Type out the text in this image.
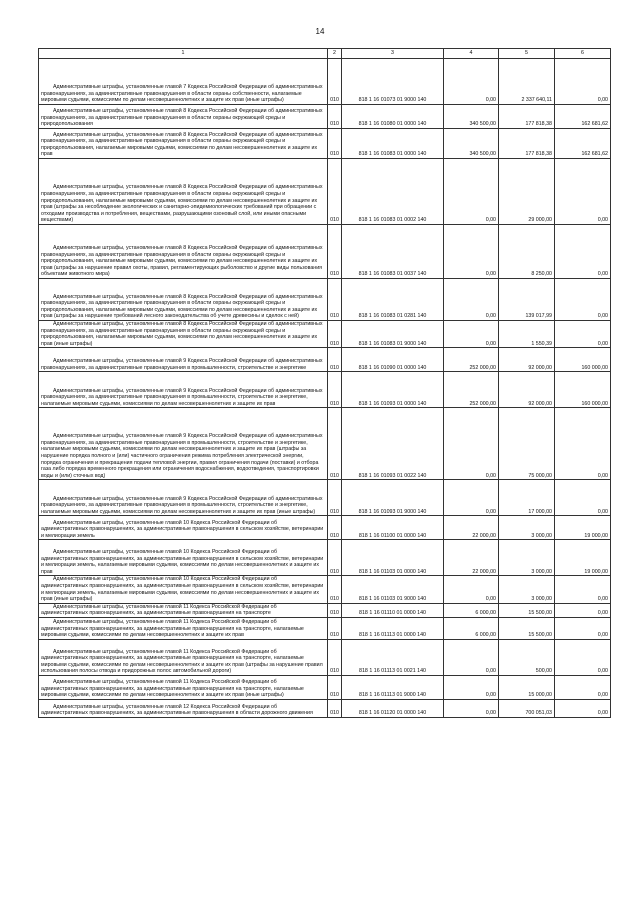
14
1	2	3	4	5	6

Административные штрафы, установленные главой 7 Кодекса Российской Федерации об административных правонарушениях, за административные правонарушения в области охраны собственности, налагаемые мировыми судьями, комиссиями по делам несовершеннолетних и защите их прав (иные штрафы)	010	818 1 16 01073 01 9000 140	0,00	2 337 640,11	0,00

Административные штрафы, установленные главой 8 Кодекса Российской Федерации об административных правонарушениях, за административные правонарушения в области охраны окружающей среды и природопользования	010	818 1 16 01080 01 0000 140	340 500,00	177 818,38	162 681,62

Административные штрафы, установленные главой 8 Кодекса Российской Федерации об административных правонарушениях, за административные правонарушения в области охраны окружающей среды и природопользования, налагаемые мировыми судьями, комиссиями по делам несовершеннолетних и защите их прав	010	818 1 16 01083 01 0000 140	340 500,00	177 818,38	162 681,62

Административные штрафы, установленные главой 8 Кодекса Российской Федерации об административных правонарушениях, за административные правонарушения в области охраны окружающей среды и природопользования, налагаемые мировыми судьями, комиссиями по делам несовершеннолетних и защите их прав (штрафы за несоблюдение экологических и санитарно-эпидемиологических требований при обращении с отходами производства и потребления, веществами, разрушающими озоновый слой, или иными опасными веществами)	010	818 1 16 01083 01 0002 140	0,00	29 000,00	0,00

Административные штрафы, установленные главой 8 Кодекса Российской Федерации об административных правонарушениях, за административные правонарушения в области охраны окружающей среды и природопользования, налагаемые мировыми судьями, комиссиями по делам несовершеннолетних и защите их прав (штрафы за нарушение правил охоты, правил, регламентирующих рыболовство и другие виды пользования объектами животного мира)	010	818 1 16 01083 01 0037 140	0,00	8 250,00	0,00

Административные штрафы, установленные главой 8 Кодекса Российской Федерации об административных правонарушениях, за административные правонарушения в области охраны окружающей среды и природопользования, налагаемые мировыми судьями, комиссиями по делам несовершеннолетних и защите их прав (штрафы за нарушение требований лесного законодательства об учете древесины и сделок с ней)	010	818 1 16 01083 01 0281 140	0,00	139 017,99	0,00

Административные штрафы, установленные главой 8 Кодекса Российской Федерации об административных правонарушениях, за административные правонарушения в области охраны окружающей среды и природопользования, налагаемые мировыми судьями, комиссиями по делам несовершеннолетних и защите их прав (иные штрафы)	010	818 1 16 01083 01 9000 140	0,00	1 550,39	0,00

Административные штрафы, установленные главой 9 Кодекса Российской Федерации об административных правонарушениях, за административные правонарушения в промышленности, строительстве и энергетике	010	818 1 16 01090 01 0000 140	252 000,00	92 000,00	160 000,00

Административные штрафы, установленные главой 9 Кодекса Российской Федерации об административных правонарушениях, за административные правонарушения в промышленности, строительстве и энергетике, налагаемые мировыми судьями, комиссиями по делам несовершеннолетних и защите их прав	010	818 1 16 01093 01 0000 140	252 000,00	92 000,00	160 000,00

Административные штрафы, установленные главой 9 Кодекса Российской Федерации об административных правонарушениях, за административные правонарушения в промышленности, строительстве и энергетике, налагаемые мировыми судьями, комиссиями по делам несовершеннолетних и защите их прав (штрафы за нарушение порядка полного и (или) частичного ограничения режима потребления электрической энергии, порядка ограничения и прекращения подачи тепловой энергии, правил ограничения подачи (поставки) и отбора газа либо порядка временного прекращения или ограничения водоснабжения, водоотведения, транспортировки воды и (или) сточных вод)	010	818 1 16 01093 01 0022 140	0,00	75 000,00	0,00

Административные штрафы, установленные главой 9 Кодекса Российской Федерации об административных правонарушениях, за административные правонарушения в промышленности, строительстве и энергетике, налагаемые мировыми судьями, комиссиями по делам несовершеннолетних и защите их прав (иные штрафы)	010	818 1 16 01093 01 9000 140	0,00	17 000,00	0,00

Административные штрафы, установленные главой 10 Кодекса Российской Федерации об административных правонарушениях, за административные правонарушения в сельском хозяйстве, ветеринарии и мелиорации земель	010	818 1 16 01100 01 0000 140	22 000,00	3 000,00	19 000,00

Административные штрафы, установленные главой 10 Кодекса Российской Федерации об административных правонарушениях, за административные правонарушения в сельском хозяйстве, ветеринарии и мелиорации земель, налагаемые мировыми судьями, комиссиями по делам несовершеннолетних и защите их прав	010	818 1 16 01103 01 0000 140	22 000,00	3 000,00	19 000,00

Административные штрафы, установленные главой 10 Кодекса Российской Федерации об административных правонарушениях, за административные правонарушения в сельском хозяйстве, ветеринарии и мелиорации земель, налагаемые мировыми судьями, комиссиями по делам несовершеннолетних и защите их прав (иные штрафы)	010	818 1 16 01103 01 9000 140	0,00	3 000,00	0,00

Административные штрафы, установленные главой 11 Кодекса Российской Федерации об административных правонарушениях, за административные правонарушения на транспорте	010	818 1 16 01110 01 0000 140	6 000,00	15 500,00	0,00

Административные штрафы, установленные главой 11 Кодекса Российской Федерации об административных правонарушениях, за административные правонарушения на транспорте, налагаемые мировыми судьями, комиссиями по делам несовершеннолетних и защите их прав	010	818 1 16 01113 01 0000 140	6 000,00	15 500,00	0,00

Административные штрафы, установленные главой 11 Кодекса Российской Федерации об административных правонарушениях, за административные правонарушения на транспорте, налагаемые мировыми судьями, комиссиями по делам несовершеннолетних и защите их прав (штрафы за нарушение правил использования полосы отвода и придорожных полос автомобильной дороги)	010	818 1 16 01113 01 0021 140	0,00	500,00	0,00

Административные штрафы, установленные главой 11 Кодекса Российской Федерации об административных правонарушениях, за административные правонарушения на транспорте, налагаемые мировыми судьями, комиссиями по делам несовершеннолетних и защите их прав (иные штрафы)	010	818 1 16 01113 01 9000 140	0,00	15 000,00	0,00

Административные штрафы, установленные главой 12 Кодекса Российской Федерации об административных правонарушениях, за административные правонарушения в области дорожного движения	010	818 1 16 01120 01 0000 140	0,00	700 051,03	0,00
